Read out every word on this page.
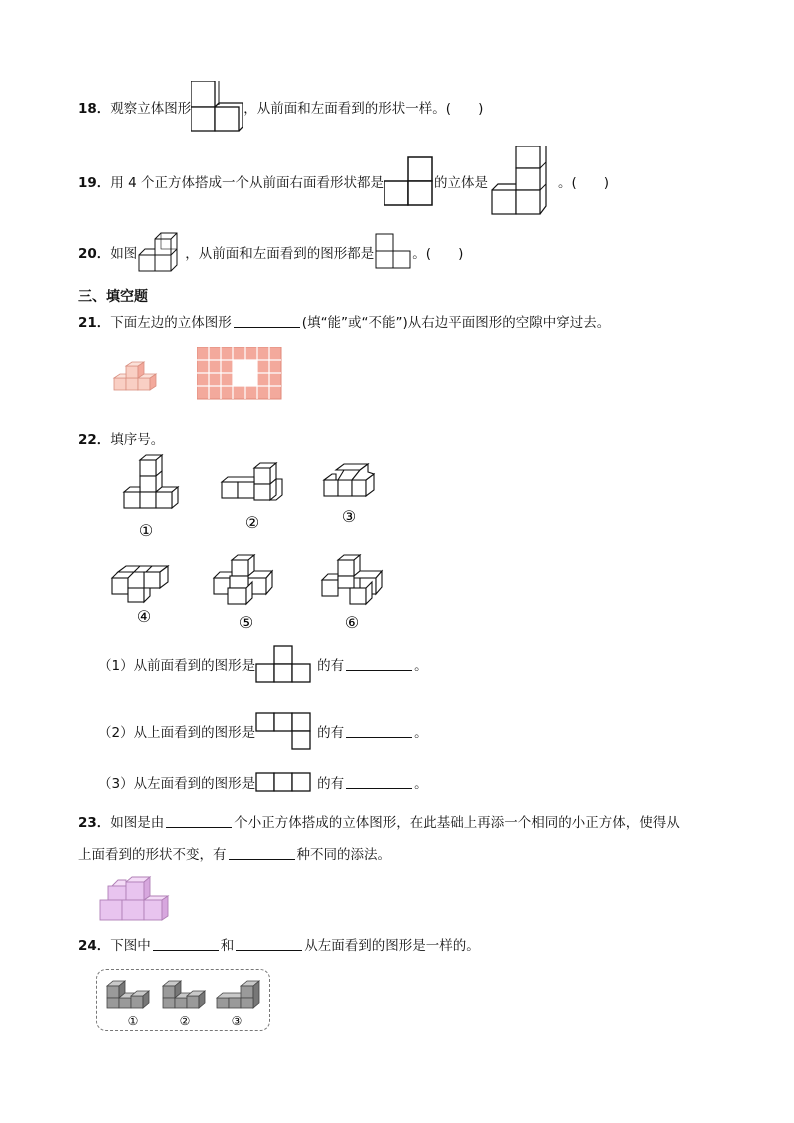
18． 观察立体图形	，从前面和左面看到的形状一样。(　　)
19． 用 4 个正方体搭成一个从前面右面看形状都是	的立体是	。(　　)
20． 如图	，从前面和左面看到的图形都是	。(　　)
三、填空题
21． 下面左边的立体图形	(填“能”或“不能”)从右边平面图形的空隙中穿过去。
22． 填序号。
①	②	③
④	⑤	⑥
（1）从前面看到的图形是	的有	。
（2）从上面看到的图形是	的有	。
（3）从左面看到的图形是	的有	。
23． 如图是由	个小正方体搭成的立体图形，在此基础上再添一个相同的小正方体，使得从
上面看到的形状不变，有	种不同的添法。
24． 下图中	和	从左面看到的图形是一样的。
①	②	③
